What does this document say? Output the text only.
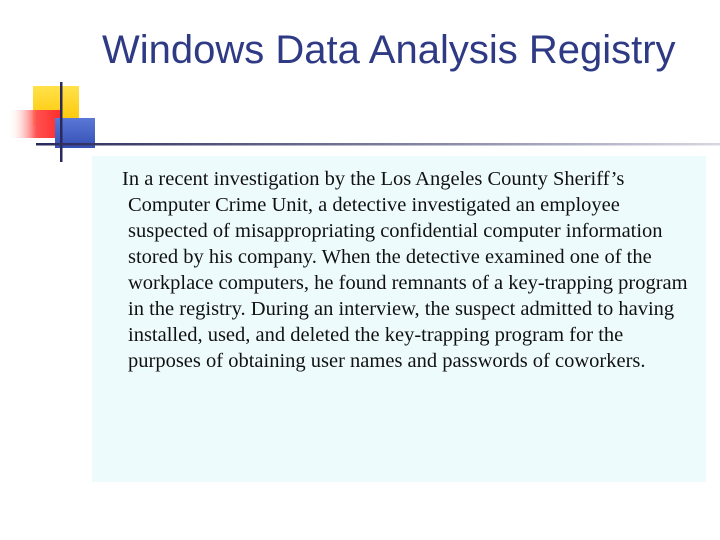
Windows Data Analysis Registry

In a recent investigation by the Los Angeles County Sheriff’s Computer Crime Unit, a detective investigated an employee suspected of misappropriating confidential computer information stored by his company. When the detective examined one of the workplace computers, he found remnants of a key-trapping program in the registry. During an interview, the suspect admitted to having installed, used, and deleted the key-trapping program for the purposes of obtaining user names and passwords of coworkers.
